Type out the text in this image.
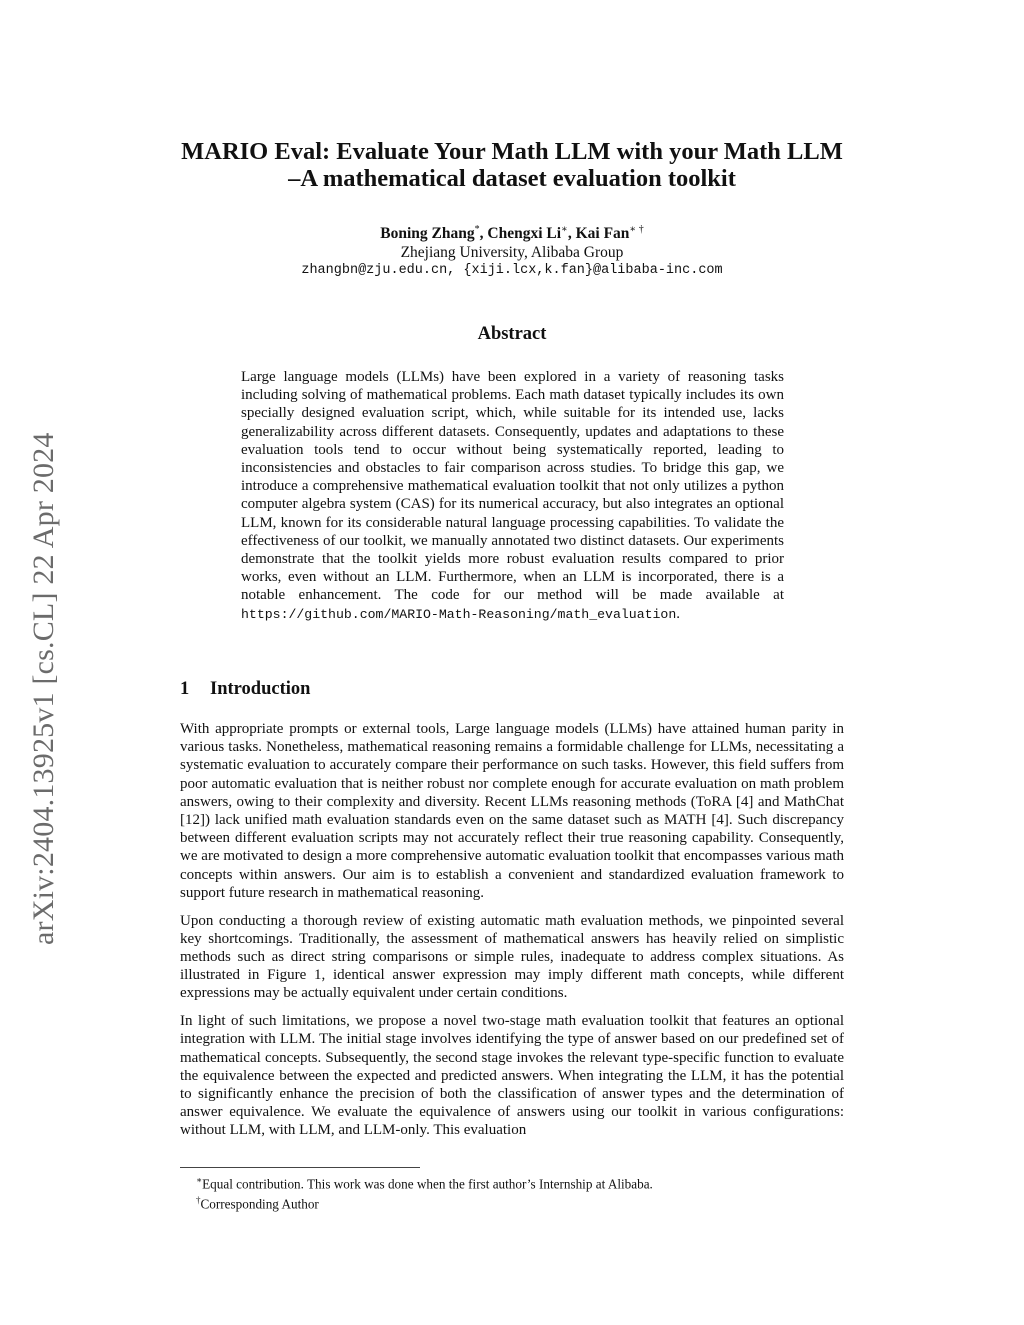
arXiv:2404.13925v1 [cs.CL] 22 Apr 2024
MARIO Eval: Evaluate Your Math LLM with your Math LLM
–A mathematical dataset evaluation toolkit
Boning Zhang*, Chengxi Li∗, Kai Fan∗ †
Zhejiang University, Alibaba Group
zhangbn@zju.edu.cn, {xiji.lcx,k.fan}@alibaba-inc.com
Abstract
Large language models (LLMs) have been explored in a variety of reasoning tasks including solving of mathematical problems. Each math dataset typically includes its own specially designed evaluation script, which, while suitable for its intended use, lacks generalizability across different datasets. Consequently, updates and adaptations to these evaluation tools tend to occur without being systematically reported, leading to inconsistencies and obstacles to fair comparison across studies. To bridge this gap, we introduce a comprehensive mathematical evaluation toolkit that not only utilizes a python computer algebra system (CAS) for its numerical accuracy, but also integrates an optional LLM, known for its considerable natural language processing capabilities. To validate the effectiveness of our toolkit, we manually annotated two distinct datasets. Our experiments demonstrate that the toolkit yields more robust evaluation results compared to prior works, even without an LLM. Furthermore, when an LLM is incorporated, there is a notable enhancement. The code for our method will be made available at https://github.com/MARIO-Math-Reasoning/math_evaluation.
1 Introduction

With appropriate prompts or external tools, Large language models (LLMs) have attained human parity in various tasks. Nonetheless, mathematical reasoning remains a formidable challenge for LLMs, necessitating a systematic evaluation to accurately compare their performance on such tasks. However, this field suffers from poor automatic evaluation that is neither robust nor complete enough for accurate evaluation on math problem answers, owing to their complexity and diversity. Recent LLMs reasoning methods (ToRA [4] and MathChat [12]) lack unified math evaluation standards even on the same dataset such as MATH [4]. Such discrepancy between different evaluation scripts may not accurately reflect their true reasoning capability. Consequently, we are motivated to design a more comprehensive automatic evaluation toolkit that encompasses various math concepts within answers. Our aim is to establish a convenient and standardized evaluation framework to support future research in mathematical reasoning.

Upon conducting a thorough review of existing automatic math evaluation methods, we pinpointed several key shortcomings. Traditionally, the assessment of mathematical answers has heavily relied on simplistic methods such as direct string comparisons or simple rules, inadequate to address complex situations. As illustrated in Figure 1, identical answer expression may imply different math concepts, while different expressions may be actually equivalent under certain conditions.

In light of such limitations, we propose a novel two-stage math evaluation toolkit that features an optional integration with LLM. The initial stage involves identifying the type of answer based on our predefined set of mathematical concepts. Subsequently, the second stage invokes the relevant type-specific function to evaluate the equivalence between the expected and predicted answers. When integrating the LLM, it has the potential to significantly enhance the precision of both the classification of answer types and the determination of answer equivalence. We evaluate the equivalence of answers using our toolkit in various configurations: without LLM, with LLM, and LLM-only. This evaluation

∗Equal contribution. This work was done when the first author’s Internship at Alibaba.
†Corresponding Author
